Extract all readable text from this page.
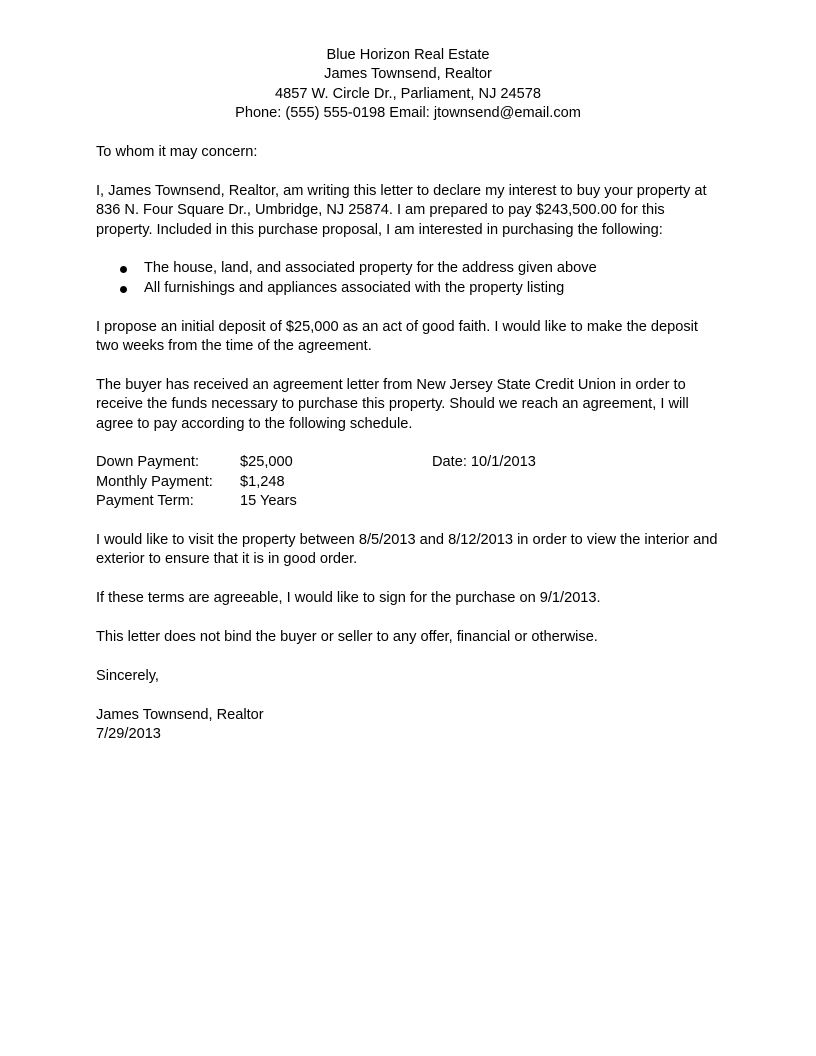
Blue Horizon Real Estate
James Townsend, Realtor
4857 W. Circle Dr., Parliament, NJ 24578
Phone: (555) 555-0198 Email: jtownsend@email.com

To whom it may concern:

I, James Townsend, Realtor, am writing this letter to declare my interest to buy your property at 836 N. Four Square Dr., Umbridge, NJ 25874. I am prepared to pay $243,500.00 for this property. Included in this purchase proposal, I am interested in purchasing the following:

The house, land, and associated property for the address given above
All furnishings and appliances associated with the property listing

I propose an initial deposit of $25,000 as an act of good faith. I would like to make the deposit two weeks from the time of the agreement.

The buyer has received an agreement letter from New Jersey State Credit Union in order to receive the funds necessary to purchase this property. Should we reach an agreement, I will agree to pay according to the following schedule.

Down Payment:	$25,000	Date: 10/1/2013
Monthly Payment:	$1,248
Payment Term:	15 Years

I would like to visit the property between 8/5/2013 and 8/12/2013 in order to view the interior and exterior to ensure that it is in good order.

If these terms are agreeable, I would like to sign for the purchase on 9/1/2013.

This letter does not bind the buyer or seller to any offer, financial or otherwise.

Sincerely,

James Townsend, Realtor

7/29/2013
